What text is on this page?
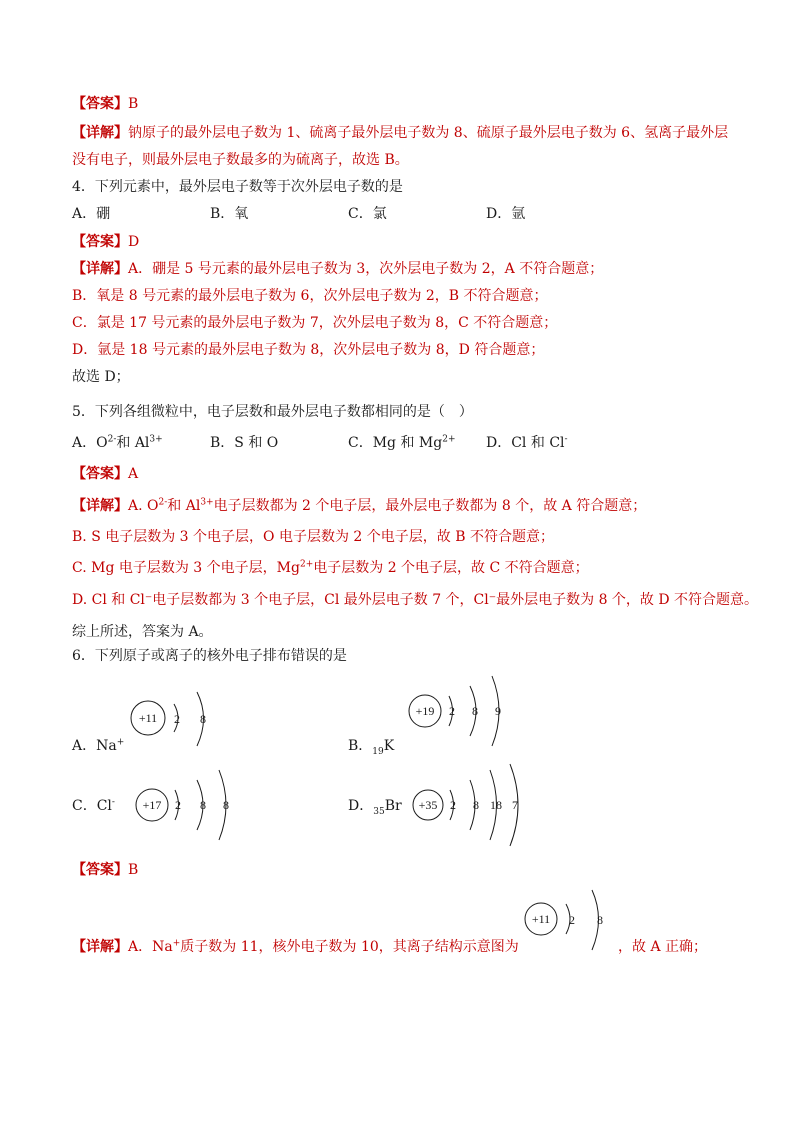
【答案】B
【详解】钠原子的最外层电子数为 1、硫离子最外层电子数为 8、硫原子最外层电子数为 6、氢离子最外层
没有电子，则最外层电子数最多的为硫离子，故选 B。
4．下列元素中，最外层电子数等于次外层电子数的是
A．硼	B．氧	C．氯	D．氩
【答案】D
【详解】A．硼是 5 号元素的最外层电子数为 3，次外层电子数为 2，A 不符合题意；
B．氧是 8 号元素的最外层电子数为 6，次外层电子数为 2，B 不符合题意；
C．氯是 17 号元素的最外层电子数为 7，次外层电子数为 8，C 不符合题意；
D．氩是 18 号元素的最外层电子数为 8，次外层电子数为 8，D 符合题意；
故选 D；
5．下列各组微粒中，电子层数和最外层电子数都相同的是（　）
A．$O^{2-}$和 $Al^{3+}$	B．S 和 O	C．Mg 和 $Mg^{2+}$ D．Cl 和 Cl-
【答案】A
【详解】A. $O^{2-}$和 $Al^{3+}$电子层数都为 2 个电子层，最外层电子数都为 8 个，故 A 符合题意；
B. S 电子层数为 3 个电子层，O 电子层数为 2 个电子层，故 B 不符合题意；
C. Mg 电子层数为 3 个电子层，$Mg^{2+}$电子层数为 2 个电子层，故 C 不符合题意；
D. Cl 和 Cl⁻电子层数都为 3 个电子层，Cl 最外层电子数 7 个，Cl⁻最外层电子数为 8 个，故 D 不符合题意。
综上所述，答案为 A。
6．下列原子或离子的核外电子排布错误的是
A．Na+
+11 2 8
B．$_{19}$K
+19 2 8 9
C．Cl- +17 2 8 8	D．$_{35}$Br +35 2 8 18 7
【答案】B
【详解】A．Na+质子数为 11，核外电子数为 10，其离子结构示意图为
+11 2 8
，故 A 正确；
